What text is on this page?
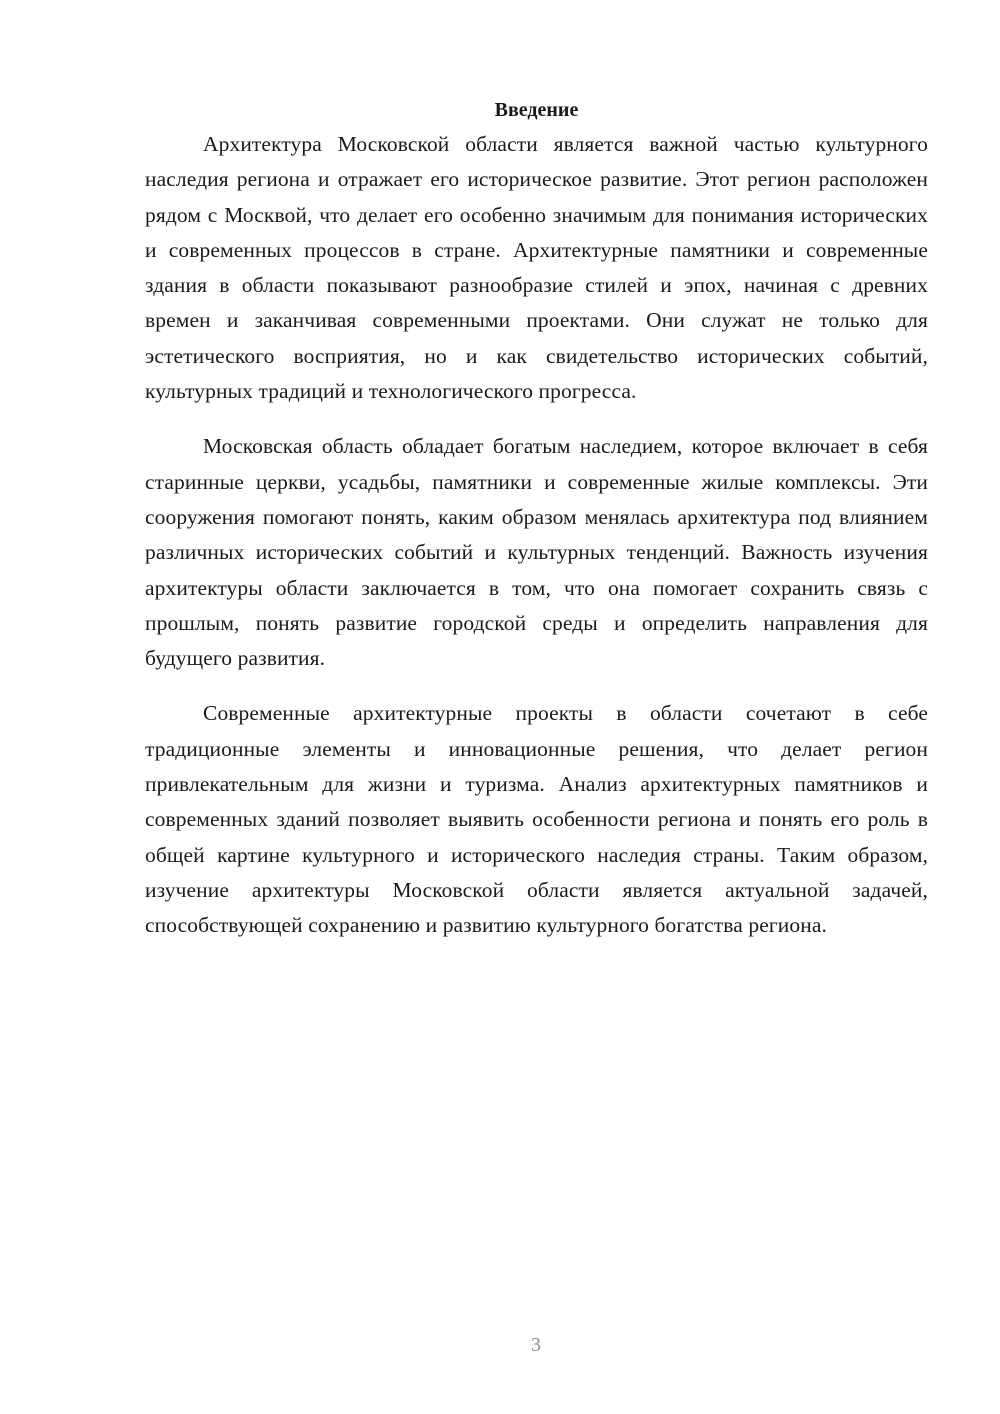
Введение

Архитектура Московской области является важной частью культурного наследия региона и отражает его историческое развитие. Этот регион расположен рядом с Москвой, что делает его особенно значимым для понимания исторических и современных процессов в стране. Архитектурные памятники и современные здания в области показывают разнообразие стилей и эпох, начиная с древних времен и заканчивая современными проектами. Они служат не только для эстетического восприятия, но и как свидетельство исторических событий, культурных традиций и технологического прогресса.

Московская область обладает богатым наследием, которое включает в себя старинные церкви, усадьбы, памятники и современные жилые комплексы. Эти сооружения помогают понять, каким образом менялась архитектура под влиянием различных исторических событий и культурных тенденций. Важность изучения архитектуры области заключается в том, что она помогает сохранить связь с прошлым, понять развитие городской среды и определить направления для будущего развития.

Современные архитектурные проекты в области сочетают в себе традиционные элементы и инновационные решения, что делает регион привлекательным для жизни и туризма. Анализ архитектурных памятников и современных зданий позволяет выявить особенности региона и понять его роль в общей картине культурного и исторического наследия страны. Таким образом, изучение архитектуры Московской области является актуальной задачей, способствующей сохранению и развитию культурного богатства региона.

3
